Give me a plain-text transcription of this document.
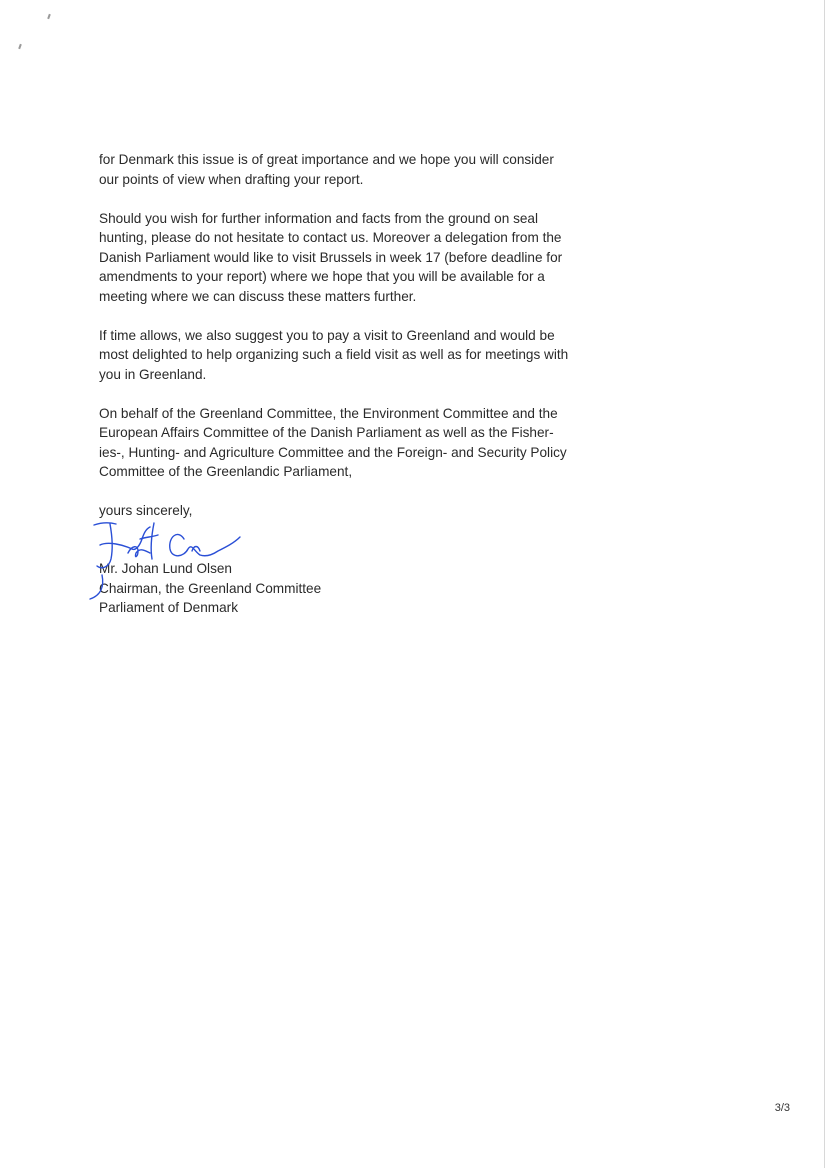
for Denmark this issue is of great importance and we hope you will consider
our points of view when drafting your report.

Should you wish for further information and facts from the ground on seal
hunting, please do not hesitate to contact us. Moreover a delegation from the
Danish Parliament would like to visit Brussels in week 17 (before deadline for
amendments to your report) where we hope that you will be available for a
meeting where we can discuss these matters further.

If time allows, we also suggest you to pay a visit to Greenland and would be
most delighted to help organizing such a field visit as well as for meetings with
you in Greenland.

On behalf of the Greenland Committee, the Environment Committee and the
European Affairs Committee of the Danish Parliament as well as the Fisher-
ies-, Hunting- and Agriculture Committee and the Foreign- and Security Policy
Committee of the Greenlandic Parliament,

yours sincerely,
Mr. Johan Lund Olsen
Chairman, the Greenland Committee
Parliament of Denmark
3/3
